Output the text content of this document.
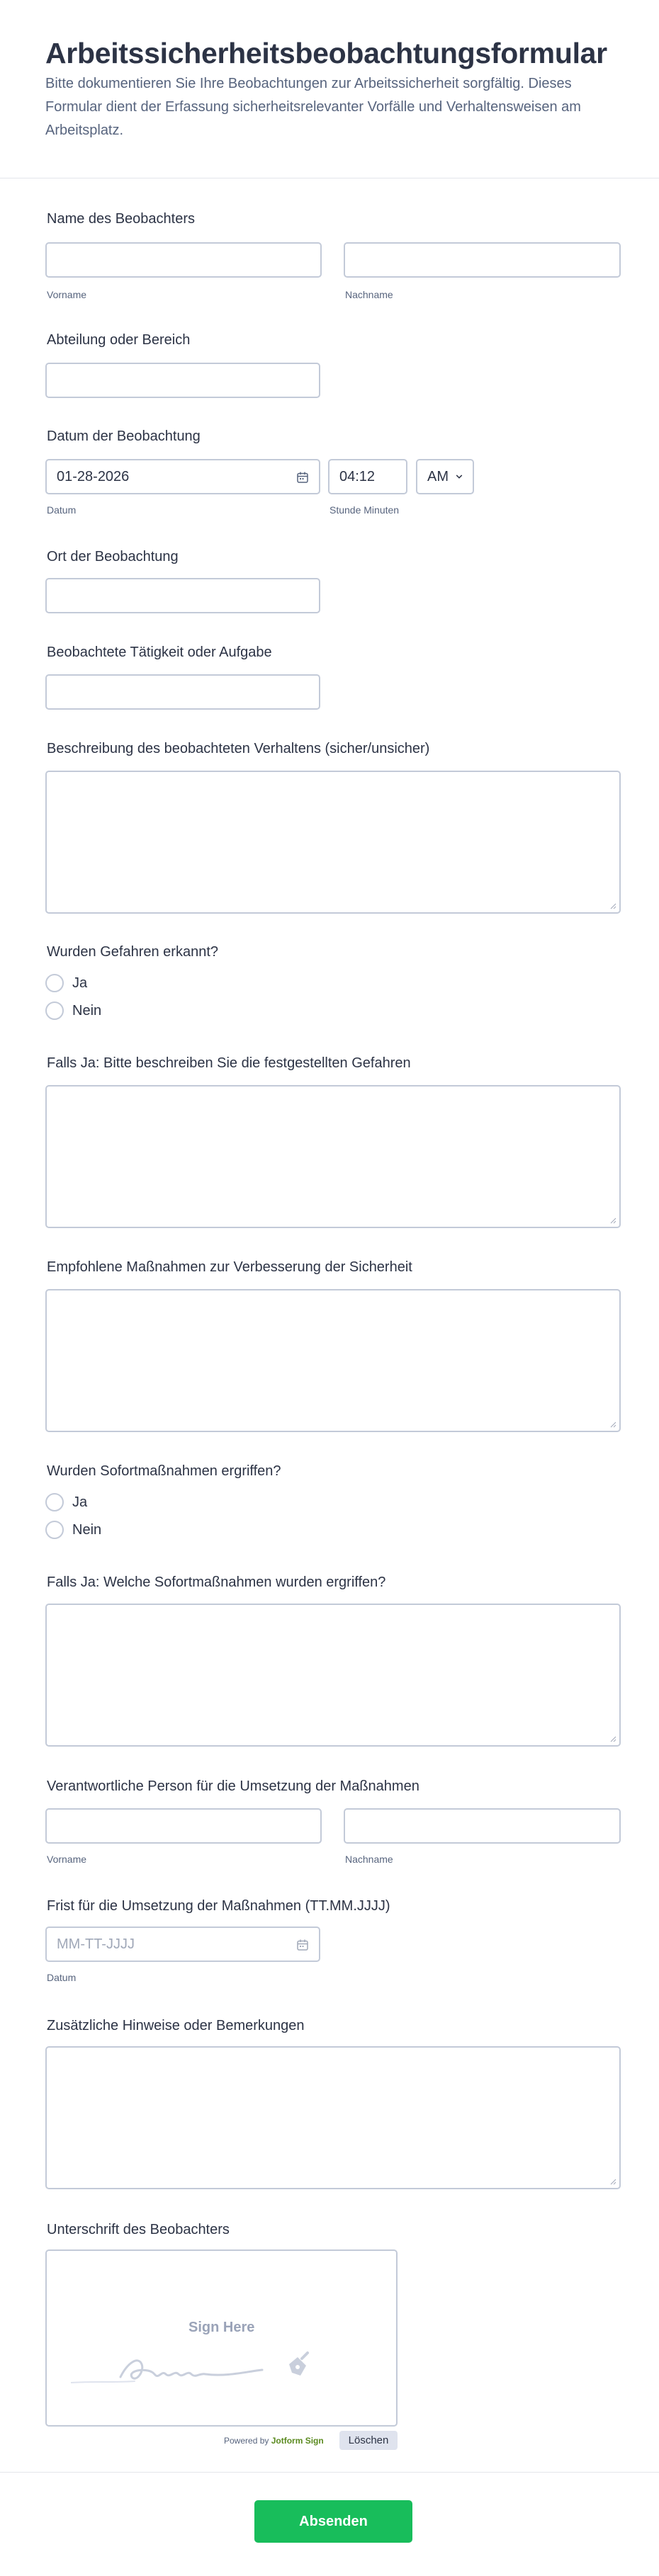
Arbeitssicherheitsbeobachtungsformular
Bitte dokumentieren Sie Ihre Beobachtungen zur Arbeitssicherheit sorgfältig. Dieses Formular dient der Erfassung sicherheitsrelevanter Vorfälle und Verhaltensweisen am Arbeitsplatz.
Name des Beobachters
Vorname	Nachname
Abteilung oder Bereich
Datum der Beobachtung
01-28-2026	04:12	AM
Datum	Stunde Minuten
Ort der Beobachtung
Beobachtete Tätigkeit oder Aufgabe
Beschreibung des beobachteten Verhaltens (sicher/unsicher)
Wurden Gefahren erkannt?
Ja
Nein
Falls Ja: Bitte beschreiben Sie die festgestellten Gefahren
Empfohlene Maßnahmen zur Verbesserung der Sicherheit
Wurden Sofortmaßnahmen ergriffen?
Ja
Nein
Falls Ja: Welche Sofortmaßnahmen wurden ergriffen?
Verantwortliche Person für die Umsetzung der Maßnahmen
Vorname	Nachname
Frist für die Umsetzung der Maßnahmen (TT.MM.JJJJ)
MM-TT-JJJJ
Datum
Zusätzliche Hinweise oder Bemerkungen
Unterschrift des Beobachters
Sign Here
Powered by Jotform Sign	Löschen
Absenden
